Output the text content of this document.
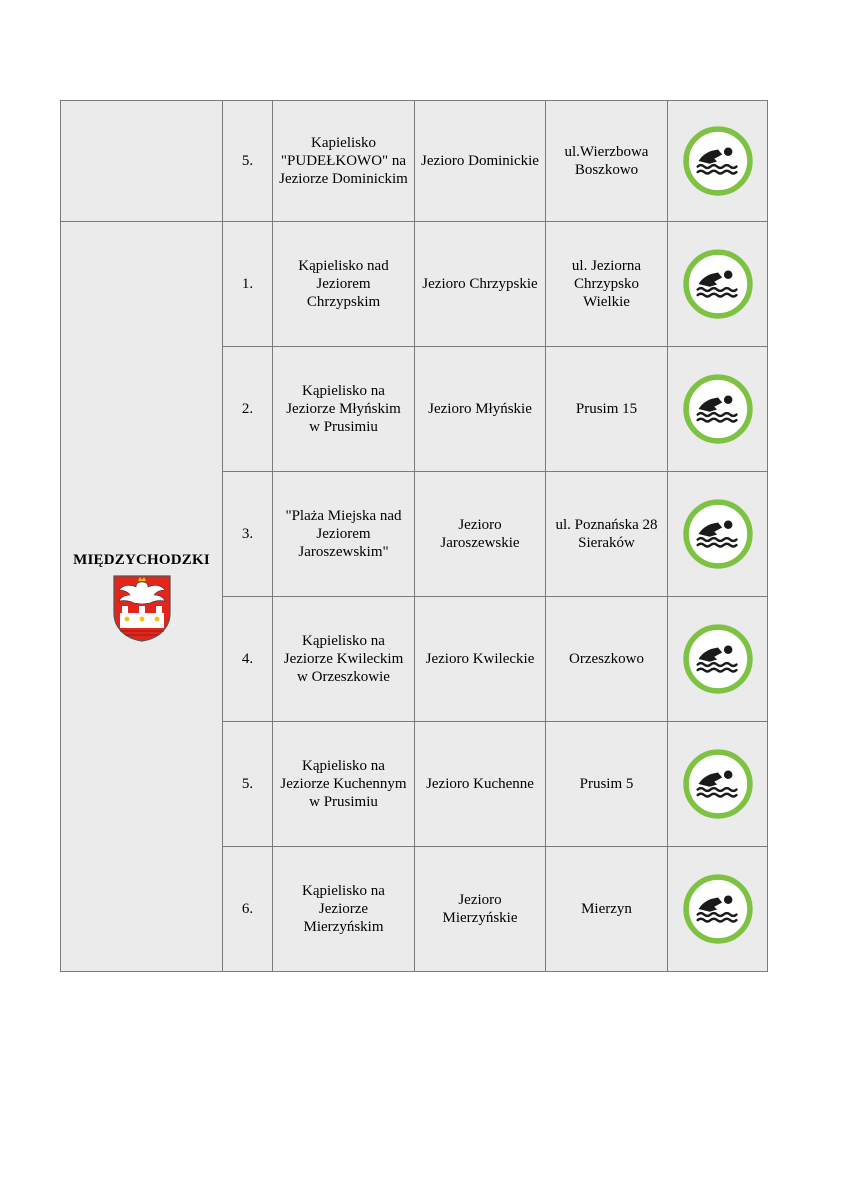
	5.	Kapielisko "PUDEŁKOWO" na Jeziorze Dominickim	Jezioro Dominickie	ul.Wierzbowa Boszkowo	

MIĘDZYCHODZKI	1.	Kąpielisko nad Jeziorem Chrzypskim	Jezioro Chrzypskie	ul. Jeziorna Chrzypsko Wielkie	

	2.	Kąpielisko na Jeziorze Młyńskim w Prusimiu	Jezioro Młyńskie	Prusim 15	

	3.	"Plaża Miejska nad Jeziorem Jaroszewskim"	Jezioro Jaroszewskie	ul. Poznańska 28 Sieraków	

	4.	Kąpielisko na Jeziorze Kwileckim w Orzeszkowie	Jezioro Kwileckie	Orzeszkowo	

	5.	Kąpielisko na Jeziorze Kuchennym w Prusimiu	Jezioro Kuchenne	Prusim 5	

	6.	Kąpielisko na Jeziorze Mierzyńskim	Jezioro Mierzyńskie	Mierzyn	
